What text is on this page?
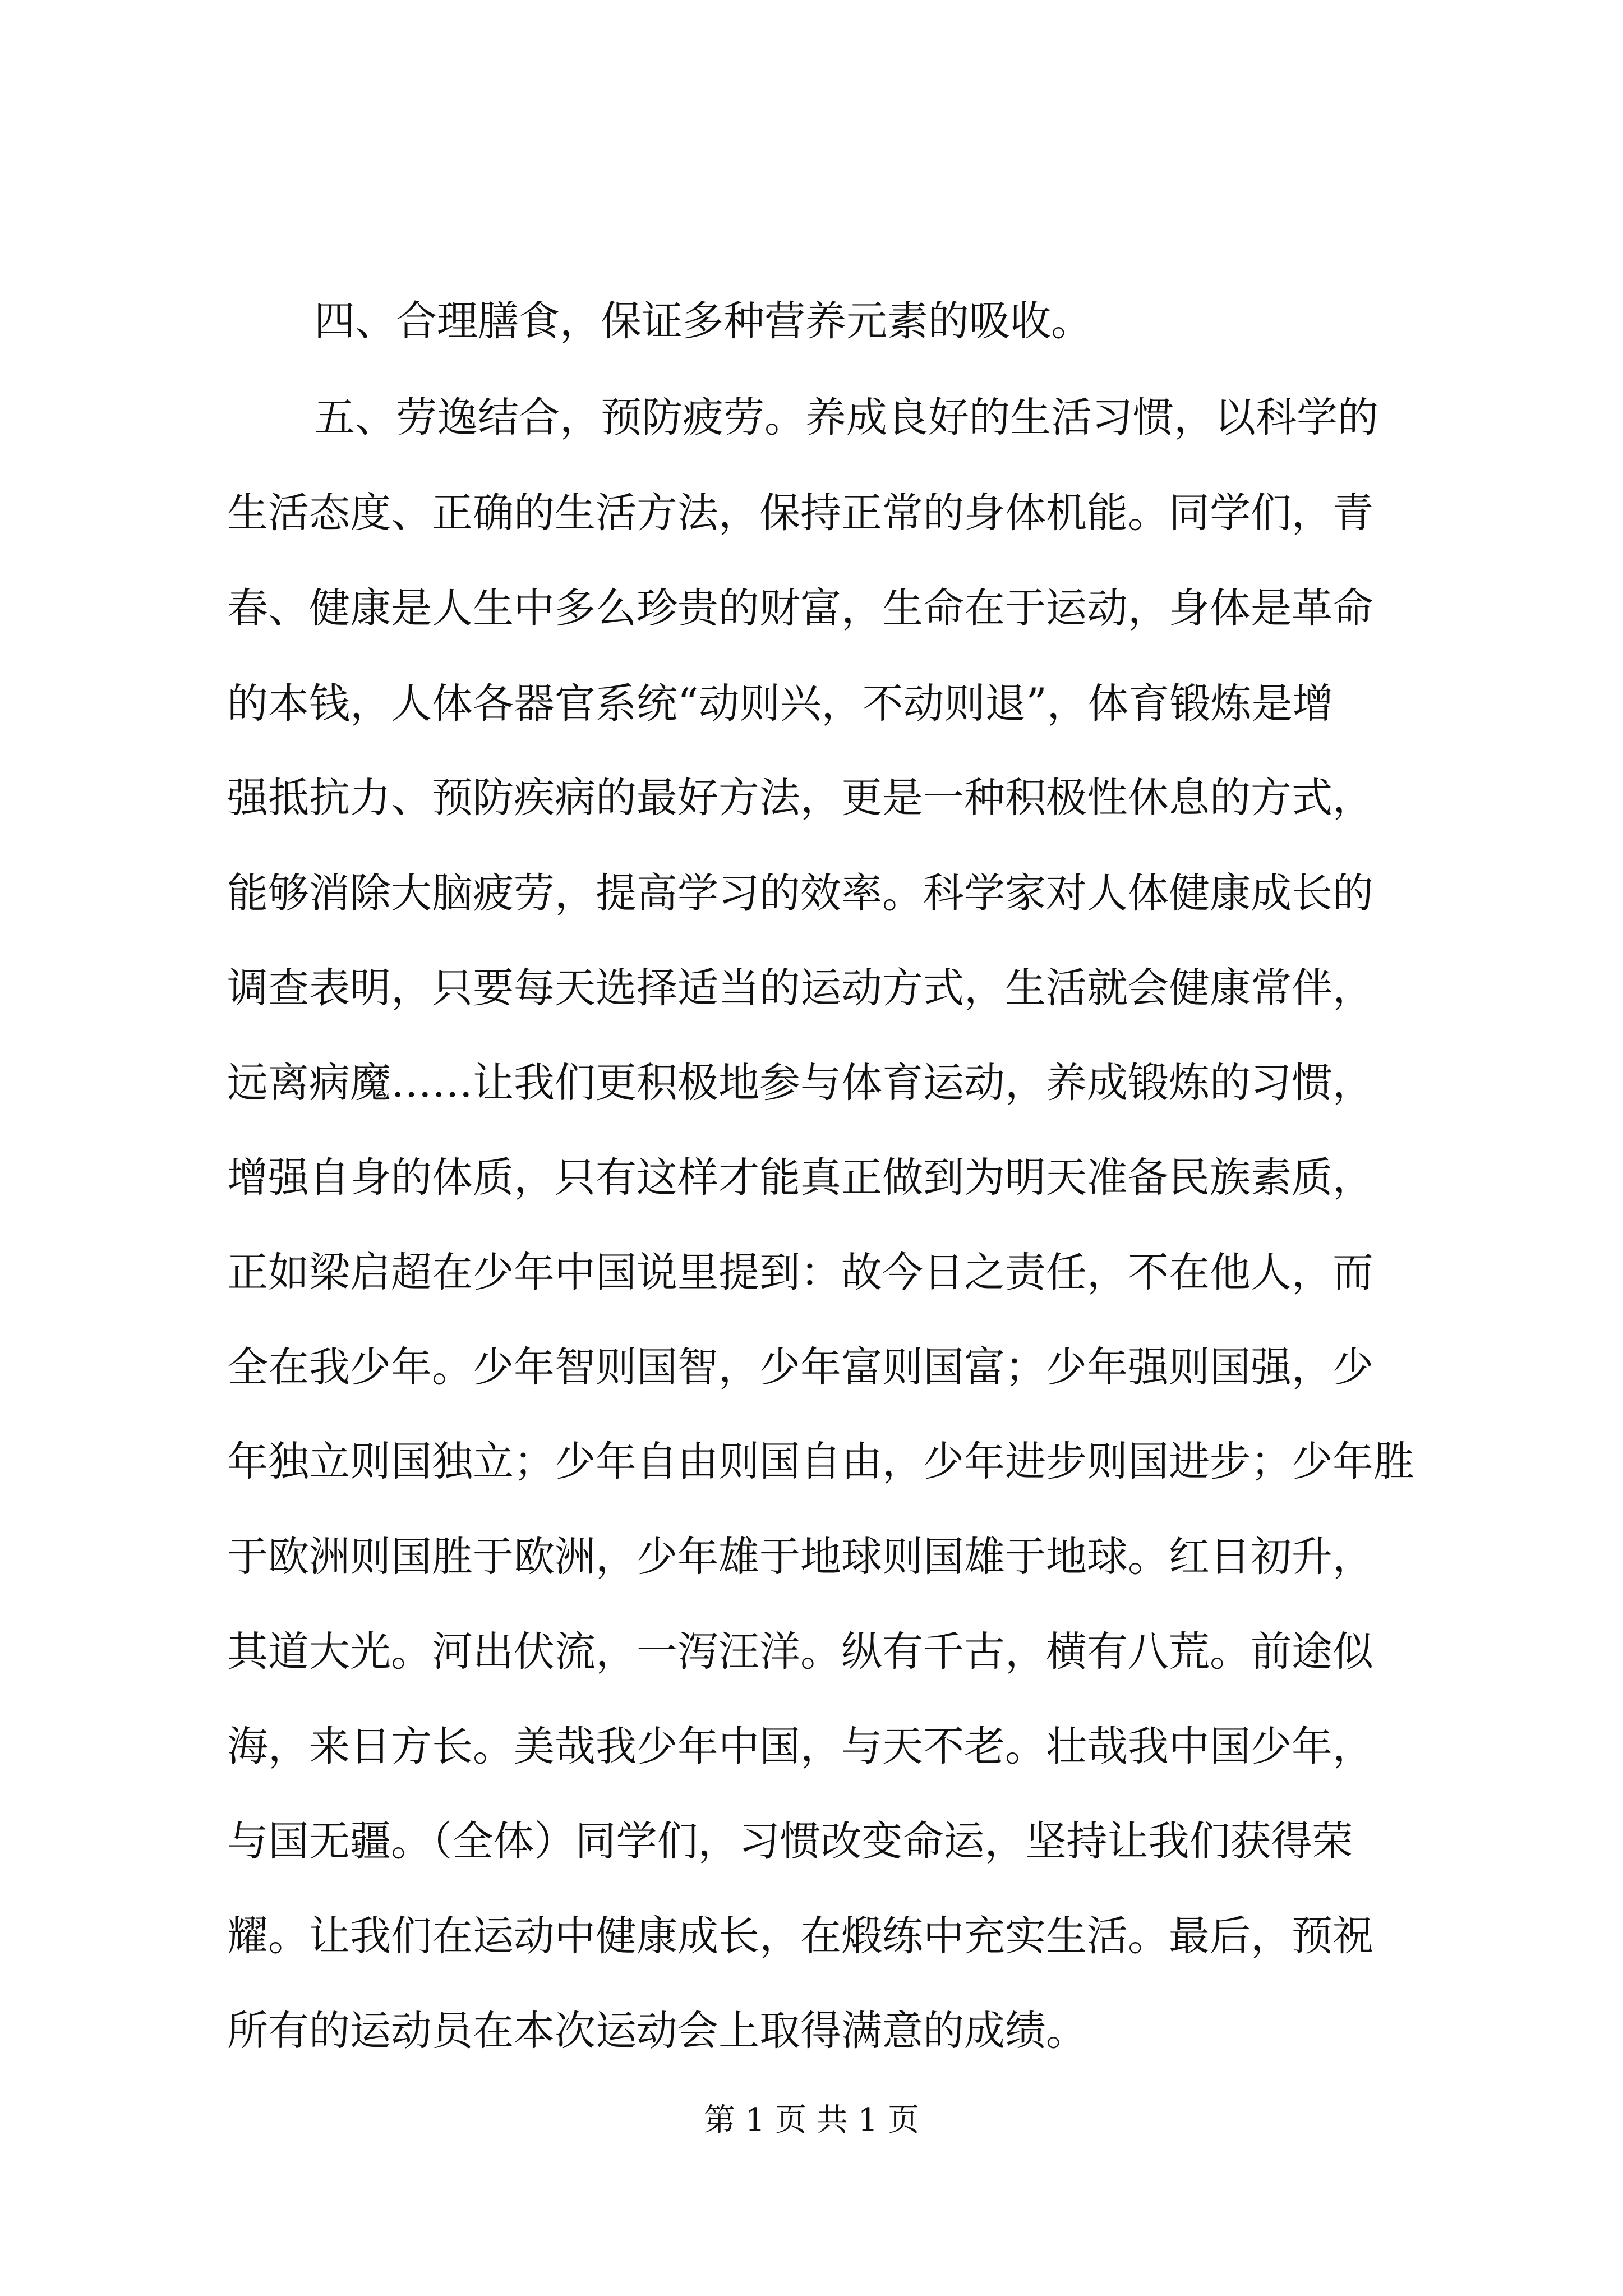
四、合理膳食，保证多种营养元素的吸收。
五、劳逸结合，预防疲劳。养成良好的生活习惯，以科学的
生活态度、正确的生活方法，保持正常的身体机能。同学们，青
春、健康是人生中多么珍贵的财富，生命在于运动，身体是革命
的本钱，人体各器官系统“动则兴，不动则退”，体育锻炼是增
强抵抗力、预防疾病的最好方法，更是一种积极性休息的方式，
能够消除大脑疲劳，提高学习的效率。科学家对人体健康成长的
调查表明，只要每天选择适当的运动方式，生活就会健康常伴，
远离病魔……让我们更积极地参与体育运动，养成锻炼的习惯，
增强自身的体质，只有这样才能真正做到为明天准备民族素质，
正如梁启超在少年中国说里提到：故今日之责任，不在他人，而
全在我少年。少年智则国智，少年富则国富；少年强则国强，少
年独立则国独立；少年自由则国自由，少年进步则国进步；少年胜
于欧洲则国胜于欧洲，少年雄于地球则国雄于地球。红日初升，
其道大光。河出伏流，一泻汪洋。纵有千古，横有八荒。前途似
海，来日方长。美哉我少年中国，与天不老。壮哉我中国少年，
与国无疆。（全体）同学们，习惯改变命运，坚持让我们获得荣
耀。让我们在运动中健康成长，在煅练中充实生活。最后，预祝
所有的运动员在本次运动会上取得满意的成绩。
第 1 页 共 1 页
